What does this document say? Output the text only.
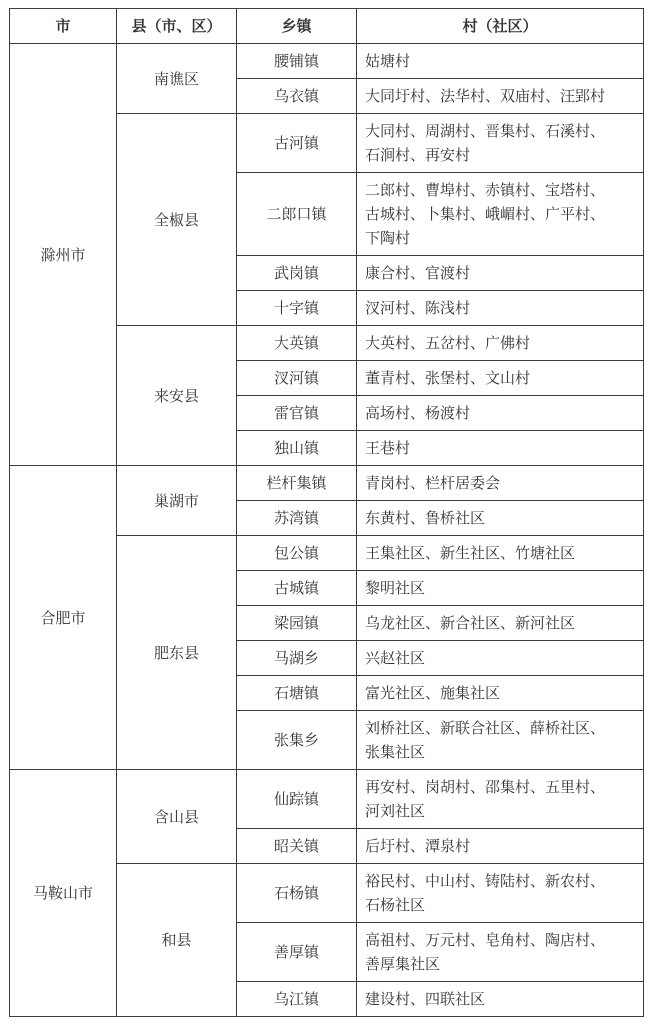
市	县（市、区）	乡镇	村（社区）
滁州市	南谯区	腰铺镇	姑塘村
		乌衣镇	大同圩村、法华村、双庙村、汪郢村
	全椒县	古河镇	大同村、周湖村、晋集村、石溪村、石涧村、再安村
		二郎口镇	二郎村、曹埠村、赤镇村、宝塔村、古城村、卜集村、峨嵋村、广平村、下陶村
		武岗镇	康合村、官渡村
		十字镇	汊河村、陈浅村
	来安县	大英镇	大英村、五岔村、广佛村
		汊河镇	董青村、张堡村、文山村
		雷官镇	高场村、杨渡村
		独山镇	王巷村
合肥市	巢湖市	栏杆集镇	青岗村、栏杆居委会
		苏湾镇	东黄村、鲁桥社区
	肥东县	包公镇	王集社区、新生社区、竹塘社区
		古城镇	黎明社区
		梁园镇	乌龙社区、新合社区、新河社区
		马湖乡	兴赵社区
		石塘镇	富光社区、施集社区
		张集乡	刘桥社区、新联合社区、薛桥社区、张集社区
马鞍山市	含山县	仙踪镇	再安村、岗胡村、邵集村、五里村、河刘社区
		昭关镇	后圩村、潭泉村
	和县	石杨镇	裕民村、中山村、铸陆村、新农村、石杨社区
		善厚镇	高祖村、万元村、皂角村、陶店村、善厚集社区
		乌江镇	建设村、四联社区
